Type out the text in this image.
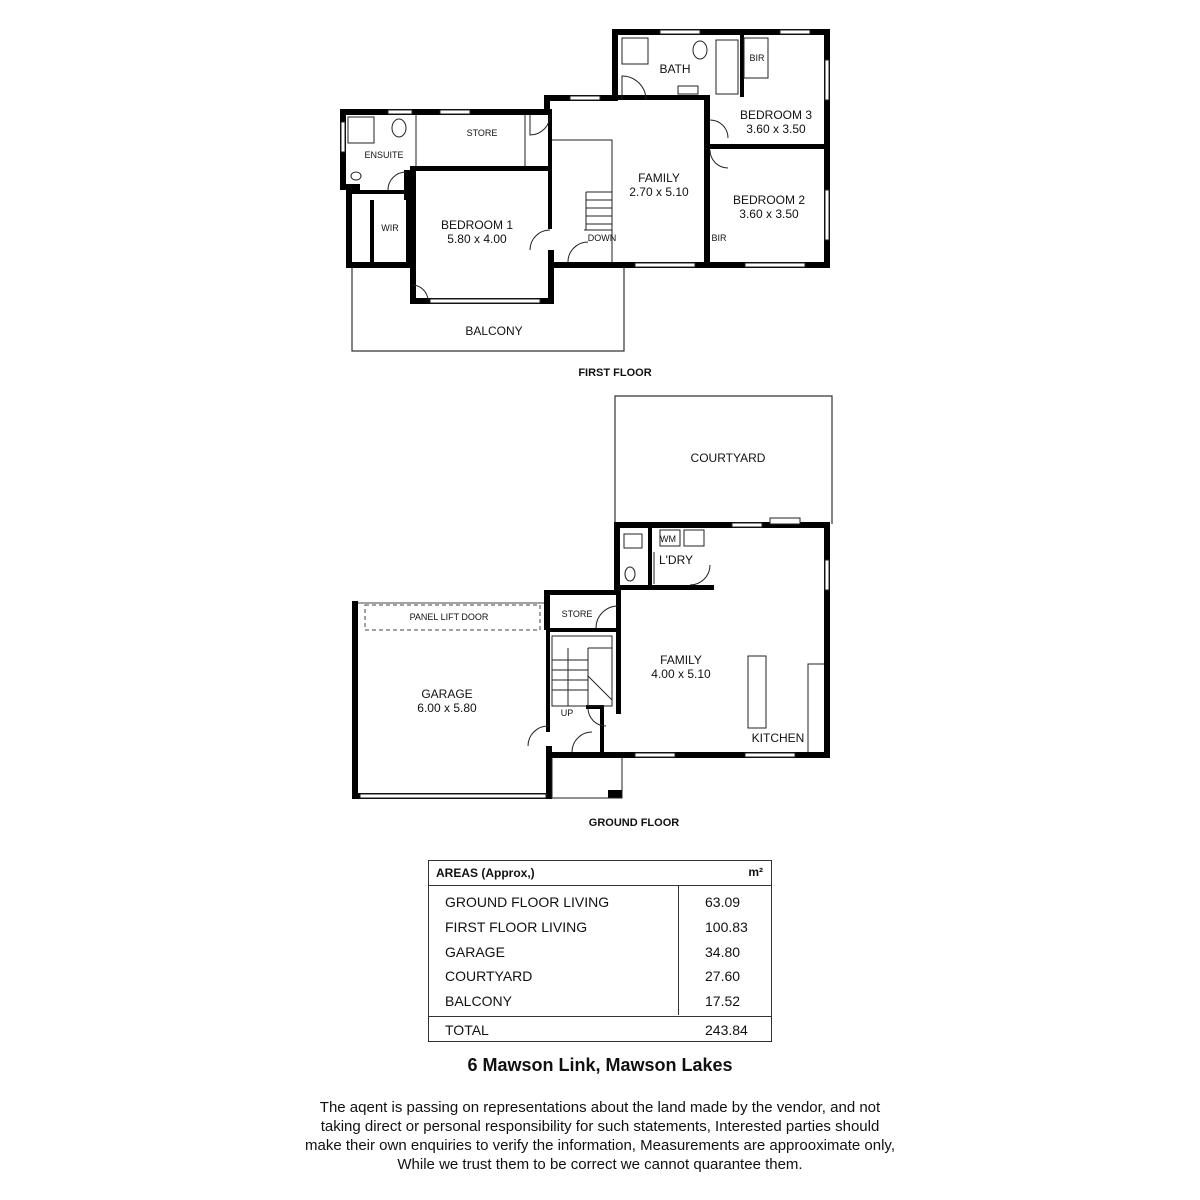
BATH
BIR
BEDROOM 3
3.60 x 3.50
ENSUITE
STORE
FAMILY
2.70 x 5.10
BEDROOM 2
3.60 x 3.50
WIR	BEDROOM 1
5.80 x 4.00	DOWN	BIR
BALCONY
FIRST FLOOR
COURTYARD
WM
L'DRY
PANEL LIFT DOOR	STORE
FAMILY
4.00 x 5.10
GARAGE
6.00 x 5.80	UP
KITCHEN
GROUND FLOOR
AREAS (Approx,)	m²
GROUND FLOOR LIVING	63.09
FIRST FLOOR LIVING	100.83
GARAGE	34.80
COURTYARD	27.60
BALCONY	17.52
TOTAL	243.84
6 Mawson Link, Mawson Lakes
The aqent is passing on representations about the land made by the vendor, and not
taking direct or personal responsibility for such statements, Interested parties should
make their own enquiries to verify the information, Measurements are approoximate only,
While we trust them to be correct we cannot quarantee them.
